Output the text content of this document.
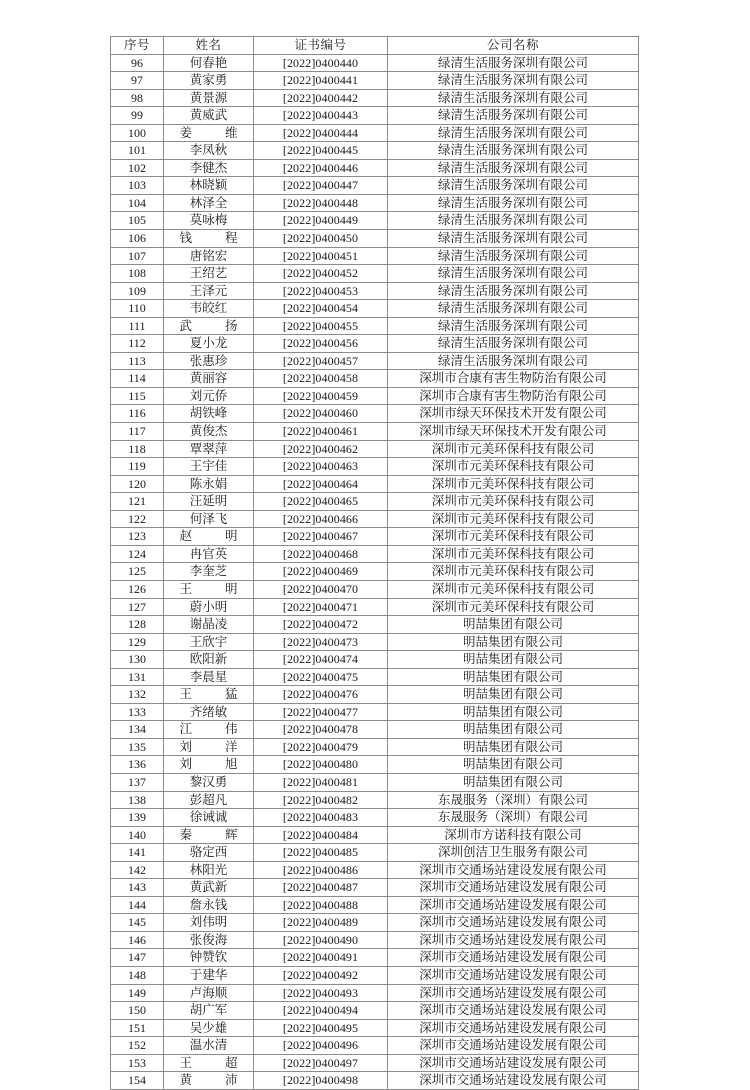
序号	姓名	证书编号	公司名称
96	何春艳	[2022]0400440	绿清生活服务深圳有限公司
97	黄家勇	[2022]0400441	绿清生活服务深圳有限公司
98	黄景源	[2022]0400442	绿清生活服务深圳有限公司
99	黄威武	[2022]0400443	绿清生活服务深圳有限公司
100	姜维	[2022]0400444	绿清生活服务深圳有限公司
101	李凤秋	[2022]0400445	绿清生活服务深圳有限公司
102	李健杰	[2022]0400446	绿清生活服务深圳有限公司
103	林晓颖	[2022]0400447	绿清生活服务深圳有限公司
104	林泽全	[2022]0400448	绿清生活服务深圳有限公司
105	莫咏梅	[2022]0400449	绿清生活服务深圳有限公司
106	钱程	[2022]0400450	绿清生活服务深圳有限公司
107	唐铭宏	[2022]0400451	绿清生活服务深圳有限公司
108	王绍艺	[2022]0400452	绿清生活服务深圳有限公司
109	王泽元	[2022]0400453	绿清生活服务深圳有限公司
110	韦皎红	[2022]0400454	绿清生活服务深圳有限公司
111	武扬	[2022]0400455	绿清生活服务深圳有限公司
112	夏小龙	[2022]0400456	绿清生活服务深圳有限公司
113	张惠珍	[2022]0400457	绿清生活服务深圳有限公司
114	黄丽容	[2022]0400458	深圳市合康有害生物防治有限公司
115	刘元侨	[2022]0400459	深圳市合康有害生物防治有限公司
116	胡铁峰	[2022]0400460	深圳市绿天环保技术开发有限公司
117	黄俊杰	[2022]0400461	深圳市绿天环保技术开发有限公司
118	覃翠萍	[2022]0400462	深圳市元美环保科技有限公司
119	王宇佳	[2022]0400463	深圳市元美环保科技有限公司
120	陈永娟	[2022]0400464	深圳市元美环保科技有限公司
121	汪延明	[2022]0400465	深圳市元美环保科技有限公司
122	何泽飞	[2022]0400466	深圳市元美环保科技有限公司
123	赵明	[2022]0400467	深圳市元美环保科技有限公司
124	冉官英	[2022]0400468	深圳市元美环保科技有限公司
125	李奎芝	[2022]0400469	深圳市元美环保科技有限公司
126	王明	[2022]0400470	深圳市元美环保科技有限公司
127	蔚小明	[2022]0400471	深圳市元美环保科技有限公司
128	谢晶凌	[2022]0400472	明喆集团有限公司
129	王欣宇	[2022]0400473	明喆集团有限公司
130	欧阳新	[2022]0400474	明喆集团有限公司
131	李晨星	[2022]0400475	明喆集团有限公司
132	王猛	[2022]0400476	明喆集团有限公司
133	齐绪敏	[2022]0400477	明喆集团有限公司
134	江伟	[2022]0400478	明喆集团有限公司
135	刘洋	[2022]0400479	明喆集团有限公司
136	刘旭	[2022]0400480	明喆集团有限公司
137	黎汉勇	[2022]0400481	明喆集团有限公司
138	彭超凡	[2022]0400482	东晟服务（深圳）有限公司
139	徐诫诚	[2022]0400483	东晟服务（深圳）有限公司
140	秦辉	[2022]0400484	深圳市方诺科技有限公司
141	骆定西	[2022]0400485	深圳创洁卫生服务有限公司
142	林阳光	[2022]0400486	深圳市交通场站建设发展有限公司
143	黄武新	[2022]0400487	深圳市交通场站建设发展有限公司
144	詹永钱	[2022]0400488	深圳市交通场站建设发展有限公司
145	刘伟明	[2022]0400489	深圳市交通场站建设发展有限公司
146	张俊海	[2022]0400490	深圳市交通场站建设发展有限公司
147	钟赞钦	[2022]0400491	深圳市交通场站建设发展有限公司
148	于建华	[2022]0400492	深圳市交通场站建设发展有限公司
149	卢海顺	[2022]0400493	深圳市交通场站建设发展有限公司
150	胡广军	[2022]0400494	深圳市交通场站建设发展有限公司
151	吴少雄	[2022]0400495	深圳市交通场站建设发展有限公司
152	温水清	[2022]0400496	深圳市交通场站建设发展有限公司
153	王超	[2022]0400497	深圳市交通场站建设发展有限公司
154	黄沛	[2022]0400498	深圳市交通场站建设发展有限公司
